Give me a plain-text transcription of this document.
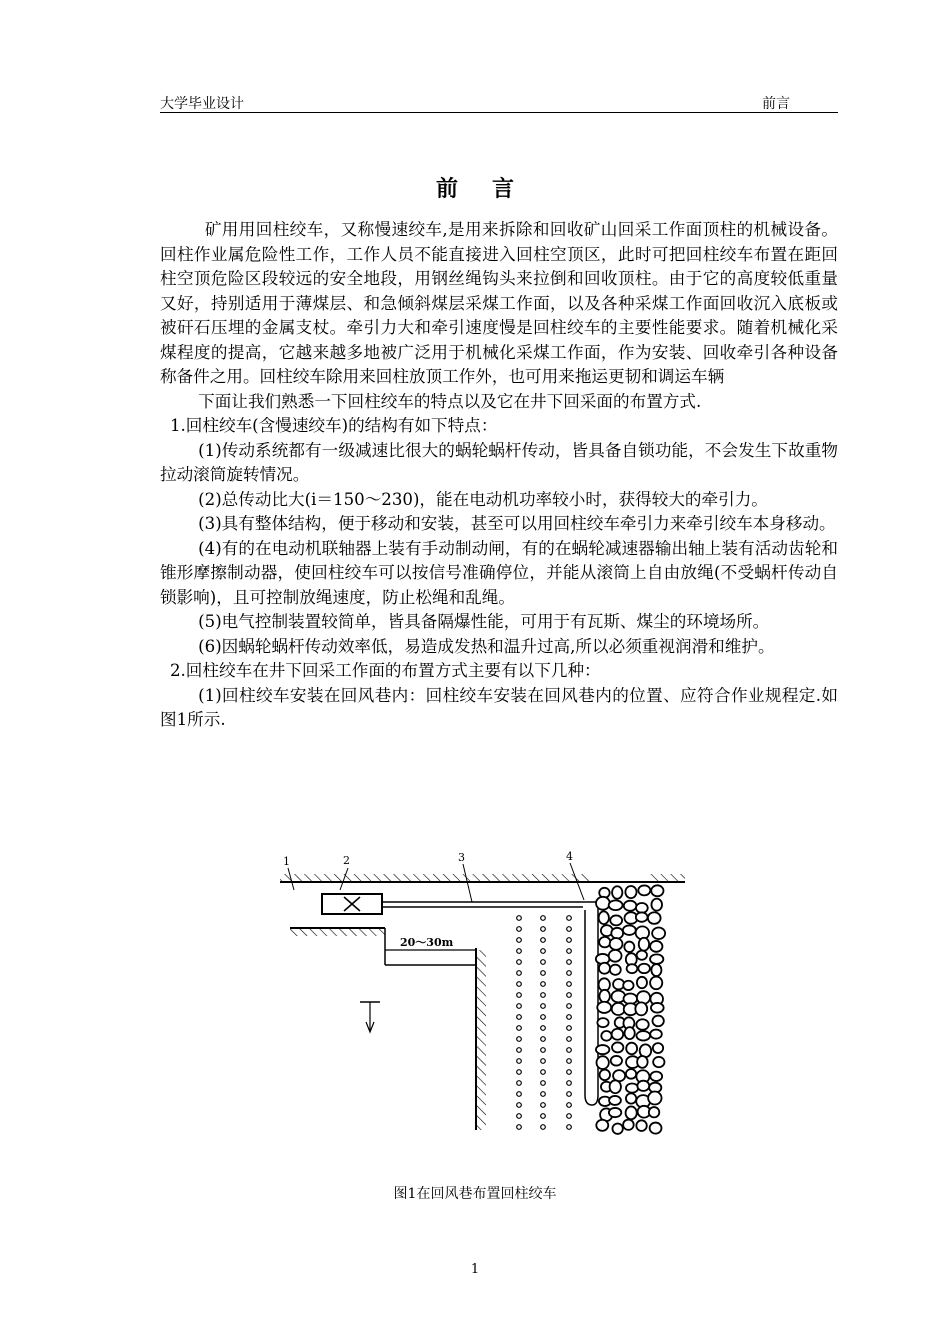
大学毕业设计	前言
前言

矿用用回柱绞车，又称慢速绞车,是用来拆除和回收矿山回采工作面顶柱的机械设备。回柱作业属危险性工作，工作人员不能直接进入回柱空顶区，此时可把回柱绞车布置在距回柱空顶危险区段较远的安全地段，用钢丝绳钩头来拉倒和回收顶柱。由于它的高度较低重量又好，持别适用于薄煤层、和急倾斜煤层采煤工作面，以及各种采煤工作面回收沉入底板或被矸石压埋的金属支杖。牵引力大和牵引速度慢是回柱绞车的主要性能要求。随着机械化采煤程度的提高，它越来越多地被广泛用于机械化采煤工作面，作为安装、回收牵引各种设备称备件之用。回柱绞车除用来回柱放顶工作外，也可用来拖运更韧和调运车辆

下面让我们熟悉一下回柱绞车的特点以及它在井下回采面的布置方式.

1.回柱绞车(含慢速绞车)的结构有如下特点：

(1)传动系统都有一级减速比很大的蜗轮蜗杆传动，皆具备自锁功能，不会发生下故重物拉动滚筒旋转情况。

(2)总传动比大(i＝150～230)，能在电动机功率较小时，获得较大的牵引力。

(3)具有整体结构，便于移动和安装，甚至可以用回柱绞车牵引力来牵引绞车本身移动。

(4)有的在电动机联轴器上装有手动制动闸，有的在蜗轮减速器输出轴上装有活动齿轮和锥形摩擦制动器，使回柱绞车可以按信号准确停位，并能从滚筒上自由放绳(不受蜗杆传动自锁影响)，且可控制放绳速度，防止松绳和乱绳。

(5)电气控制装置较简单，皆具备隔爆性能，可用于有瓦斯、煤尘的环境场所。

(6)因蜗轮蜗杆传动效率低，易造成发热和温升过高,所以必须重视润滑和维护。

2.回柱绞车在井下回采工作面的布置方式主要有以下几种：

(1)回柱绞车安装在回风巷内：回柱绞车安装在回风巷内的位置、应符合作业规程定.如图1所示.

1	2	3	4
20～30m
图1在回风巷布置回柱绞车
1
